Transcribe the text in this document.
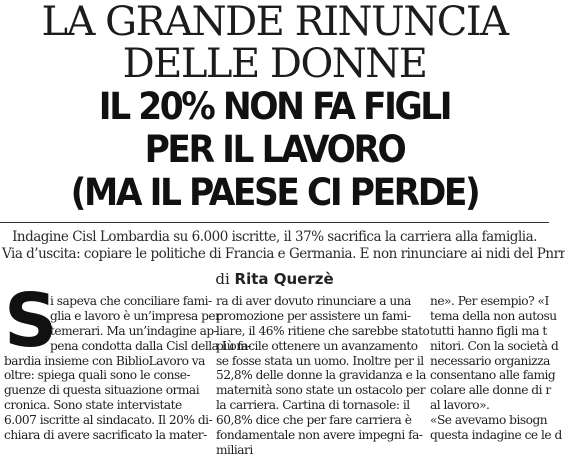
LA GRANDE RINUNCIA
DELLE DONNE
IL 20% NON FA FIGLI
PER IL LAVORO
(MA IL PAESE CI PERDE)
Indagine Cisl Lombardia su 6.000 iscritte, il 37% sacrifica la carriera alla famiglia.
Via d’uscita: copiare le politiche di Francia e Germania. E non rinunciare ai nidi del Pnrr
di Rita Querzè
S
i sapeva che conciliare fami-
glia e lavoro è un’impresa per
temerari. Ma un’indagine ap-
pena condotta dalla Cisl della Lom-
bardia insieme con BiblioLavoro va
oltre: spiega quali sono le conse-
guenze di questa situazione ormai
cronica. Sono state intervistate
6.007 iscritte al sindacato. Il 20% di-
chiara di avere sacrificato la mater-
ra di aver dovuto rinunciare a una
promozione per assistere un fami-
liare, il 46% ritiene che sarebbe stato
più facile ottenere un avanzamento
se fosse stata un uomo. Inoltre per il
52,8% delle donne la gravidanza e la
maternità sono state un ostacolo per
la carriera. Cartina di tornasole: il
60,8% dice che per fare carriera è
fondamentale non avere impegni fa-
miliari
ne». Per esempio? «I
tema della non autosu
tutti hanno figli ma t
nitori. Con la società d
necessario organizza
consentano alle famig
colare alle donne di r
al lavoro».
«Se avevamo bisogn
questa indagine ce le d
